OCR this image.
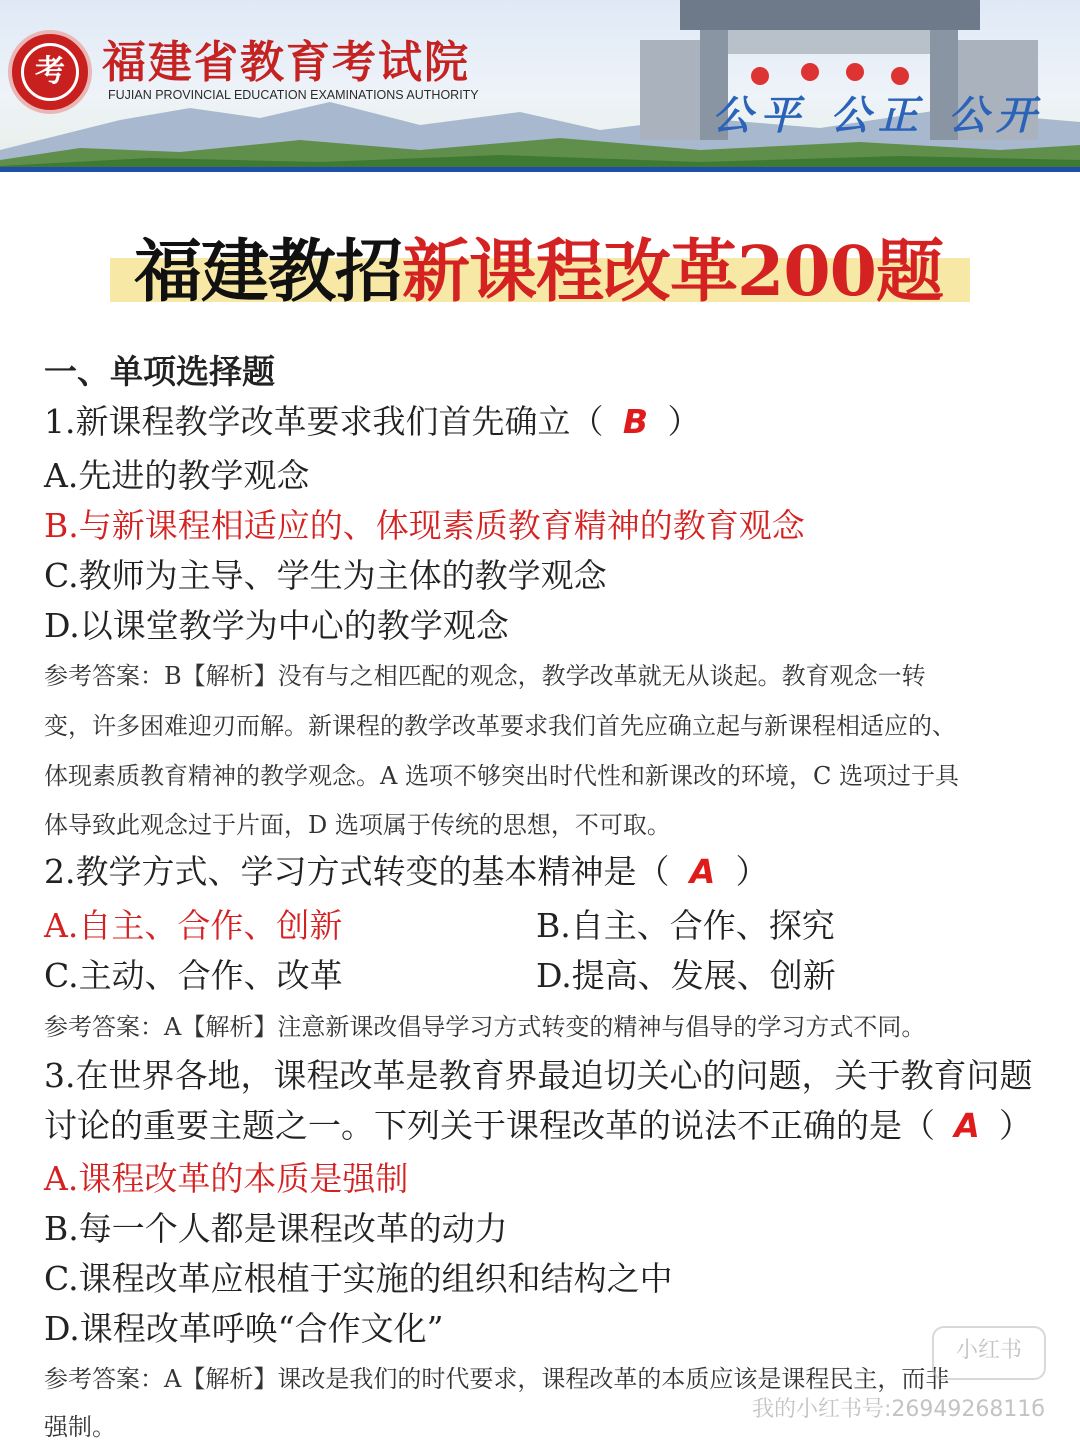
考 福建省教育考试院
FUJIAN PROVINCIAL EDUCATION EXAMINATIONS AUTHORITY	公平 公正 公开
福建教招新课程改革200题
一、单项选择题
1.新课程教学改革要求我们首先确立（ B ）
A.先进的教学观念
B.与新课程相适应的、体现素质教育精神的教育观念
C.教师为主导、学生为主体的教学观念
D.以课堂教学为中心的教学观念
参考答案：B【解析】没有与之相匹配的观念，教学改革就无从谈起。教育观念一转
变，许多困难迎刃而解。新课程的教学改革要求我们首先应确立起与新课程相适应的、
体现素质教育精神的教学观念。A 选项不够突出时代性和新课改的环境，C 选项过于具
体导致此观念过于片面，D 选项属于传统的思想，不可取。
2.教学方式、学习方式转变的基本精神是（ A ）
A.自主、合作、创新	B.自主、合作、探究
C.主动、合作、改革	D.提高、发展、创新
参考答案：A【解析】注意新课改倡导学习方式转变的精神与倡导的学习方式不同。
3.在世界各地，课程改革是教育界最迫切关心的问题，关于教育问题
讨论的重要主题之一。下列关于课程改革的说法不正确的是（ A ）
A.课程改革的本质是强制
B.每一个人都是课程改革的动力
C.课程改革应根植于实施的组织和结构之中
D.课程改革呼唤“合作文化”
参考答案：A【解析】课改是我们的时代要求，课程改革的本质应该是课程民主，而非
强制。
小红书
我的小红书号:2694926811б
